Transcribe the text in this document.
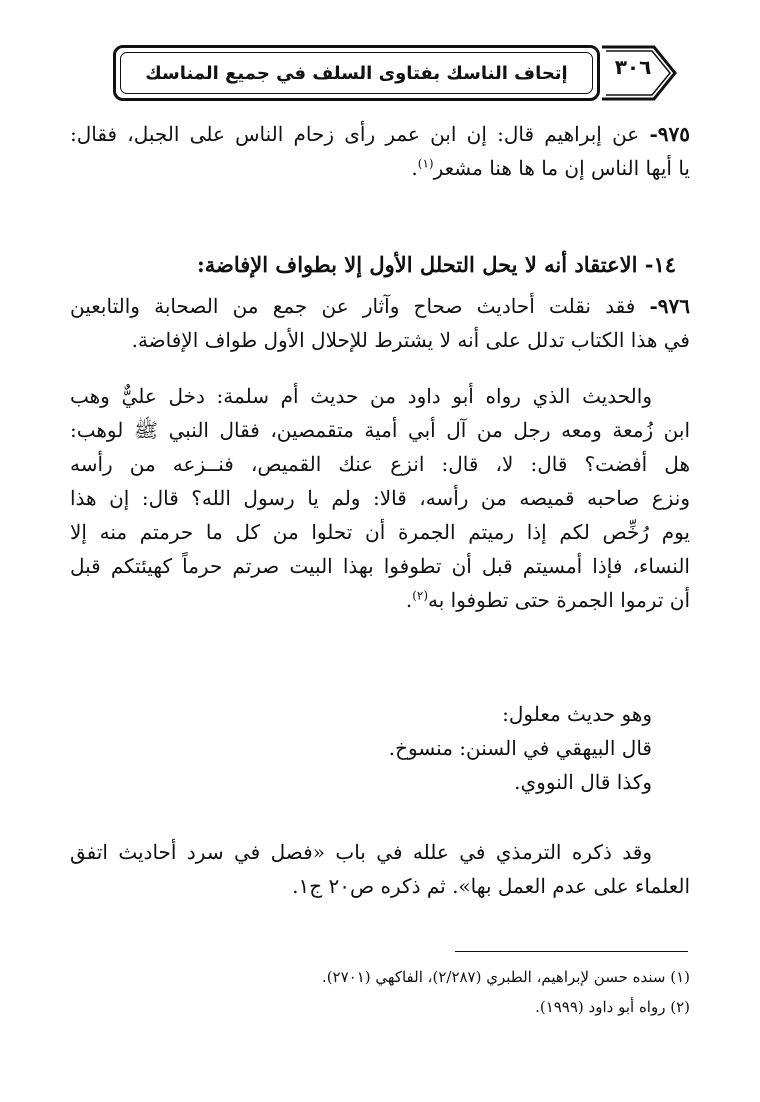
إتحاف الناسك بفتاوى السلف في جميع المناسك	٣٠٦
٩٧٥- عن إبراهيم قال: إن ابن عمر رأى زحام الناس على الجبل، فقال:
يا أيها الناس إن ما ها هنا مشعر$^{(١)}$.
١٤- الاعتقاد أنه لا يحل التحلل الأول إلا بطواف الإفاضة:
٩٧٦- فقد نقلت أحاديث صحاح وآثار عن جمع من الصحابة والتابعين
في هذا الكتاب تدلل على أنه لا يشترط للإحلال الأول طواف الإفاضة.
والحديث الذي رواه أبو داود من حديث أم سلمة: دخل عليٌّ وهب
ابن زُمعة ومعه رجل من آل أبي أمية متقمصين، فقال النبي ﷺ لوهب:
هل أفضت؟ قال: لا، قال: انزع عنك القميص، فنــزعه من رأسه
ونزع صاحبه قميصه من رأسه، قالا: ولم يا رسول الله؟ قال: إن هذا
يوم رُخِّص لكم إذا رميتم الجمرة أن تحلوا من كل ما حرمتم منه إلا
النساء، فإذا أمسيتم قبل أن تطوفوا بهذا البيت صرتم حرماً كهيئتكم قبل
أن ترموا الجمرة حتى تطوفوا به$^{(٢)}$.
وهو حديث معلول:
قال البيهقي في السنن: منسوخ.
وكذا قال النووي.
وقد ذكره الترمذي في علله في باب «فصل في سرد أحاديث اتفق
العلماء على عدم العمل بها». ثم ذكره ص٢٠ ج١.
(١) سنده حسن لإبراهيم، الطبري (٢/٢٨٧)، الفاكهي (٢٧٠١).
(٢) رواه أبو داود (١٩٩٩).
